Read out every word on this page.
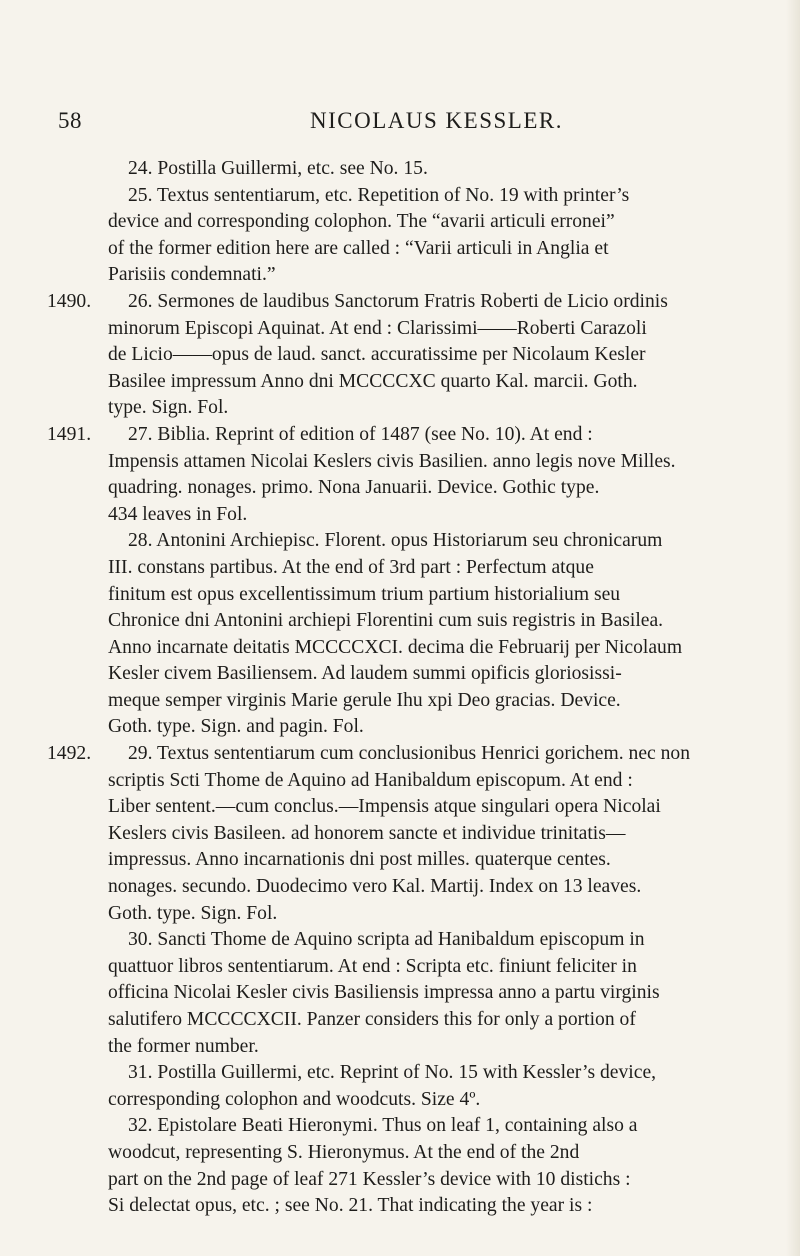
58	NICOLAUS KESSLER.
24. Postilla Guillermi, etc. see No. 15.
25. Textus sententiarum, etc. Repetition of No. 19 with printer’s
device and corresponding colophon. The “avarii articuli erronei”
of the former edition here are called : “Varii articuli in Anglia et
Parisiis condemnati.”
1490. 26. Sermones de laudibus Sanctorum Fratris Roberti de Licio ordinis
minorum Episcopi Aquinat. At end : Clarissimi——Roberti Carazoli
de Licio——opus de laud. sanct. accuratissime per Nicolaum Kesler
Basilee impressum Anno dni MCCCCXC quarto Kal. marcii. Goth.
type. Sign. Fol.
1491. 27. Biblia. Reprint of edition of 1487 (see No. 10). At end :
Impensis attamen Nicolai Keslers civis Basilien. anno legis nove Milles.
quadring. nonages. primo. Nona Januarii. Device. Gothic type.
434 leaves in Fol.
28. Antonini Archiepisc. Florent. opus Historiarum seu chronicarum
III. constans partibus. At the end of 3rd part : Perfectum atque
finitum est opus excellentissimum trium partium historialium seu
Chronice dni Antonini archiepi Florentini cum suis registris in Basilea.
Anno incarnate deitatis MCCCCXCI. decima die Februarij per Nicolaum
Kesler civem Basiliensem. Ad laudem summi opificis gloriosissi-
meque semper virginis Marie gerule Ihu xpi Deo gracias. Device.
Goth. type. Sign. and pagin. Fol.
1492. 29. Textus sententiarum cum conclusionibus Henrici gorichem. nec non
scriptis Scti Thome de Aquino ad Hanibaldum episcopum. At end :
Liber sentent.—cum conclus.—Impensis atque singulari opera Nicolai
Keslers civis Basileen. ad honorem sancte et individue trinitatis—
impressus. Anno incarnationis dni post milles. quaterque centes.
nonages. secundo. Duodecimo vero Kal. Martij. Index on 13 leaves.
Goth. type. Sign. Fol.
30. Sancti Thome de Aquino scripta ad Hanibaldum episcopum in
quattuor libros sententiarum. At end : Scripta etc. finiunt feliciter in
officina Nicolai Kesler civis Basiliensis impressa anno a partu virginis
salutifero MCCCCXCII. Panzer considers this for only a portion of
the former number.
31. Postilla Guillermi, etc. Reprint of No. 15 with Kessler’s device,
corresponding colophon and woodcuts. Size 4º.
32. Epistolare Beati Hieronymi. Thus on leaf 1, containing also a
woodcut, representing S. Hieronymus. At the end of the 2nd
part on the 2nd page of leaf 271 Kessler’s device with 10 distichs :
Si delectat opus, etc. ; see No. 21. That indicating the year is :
